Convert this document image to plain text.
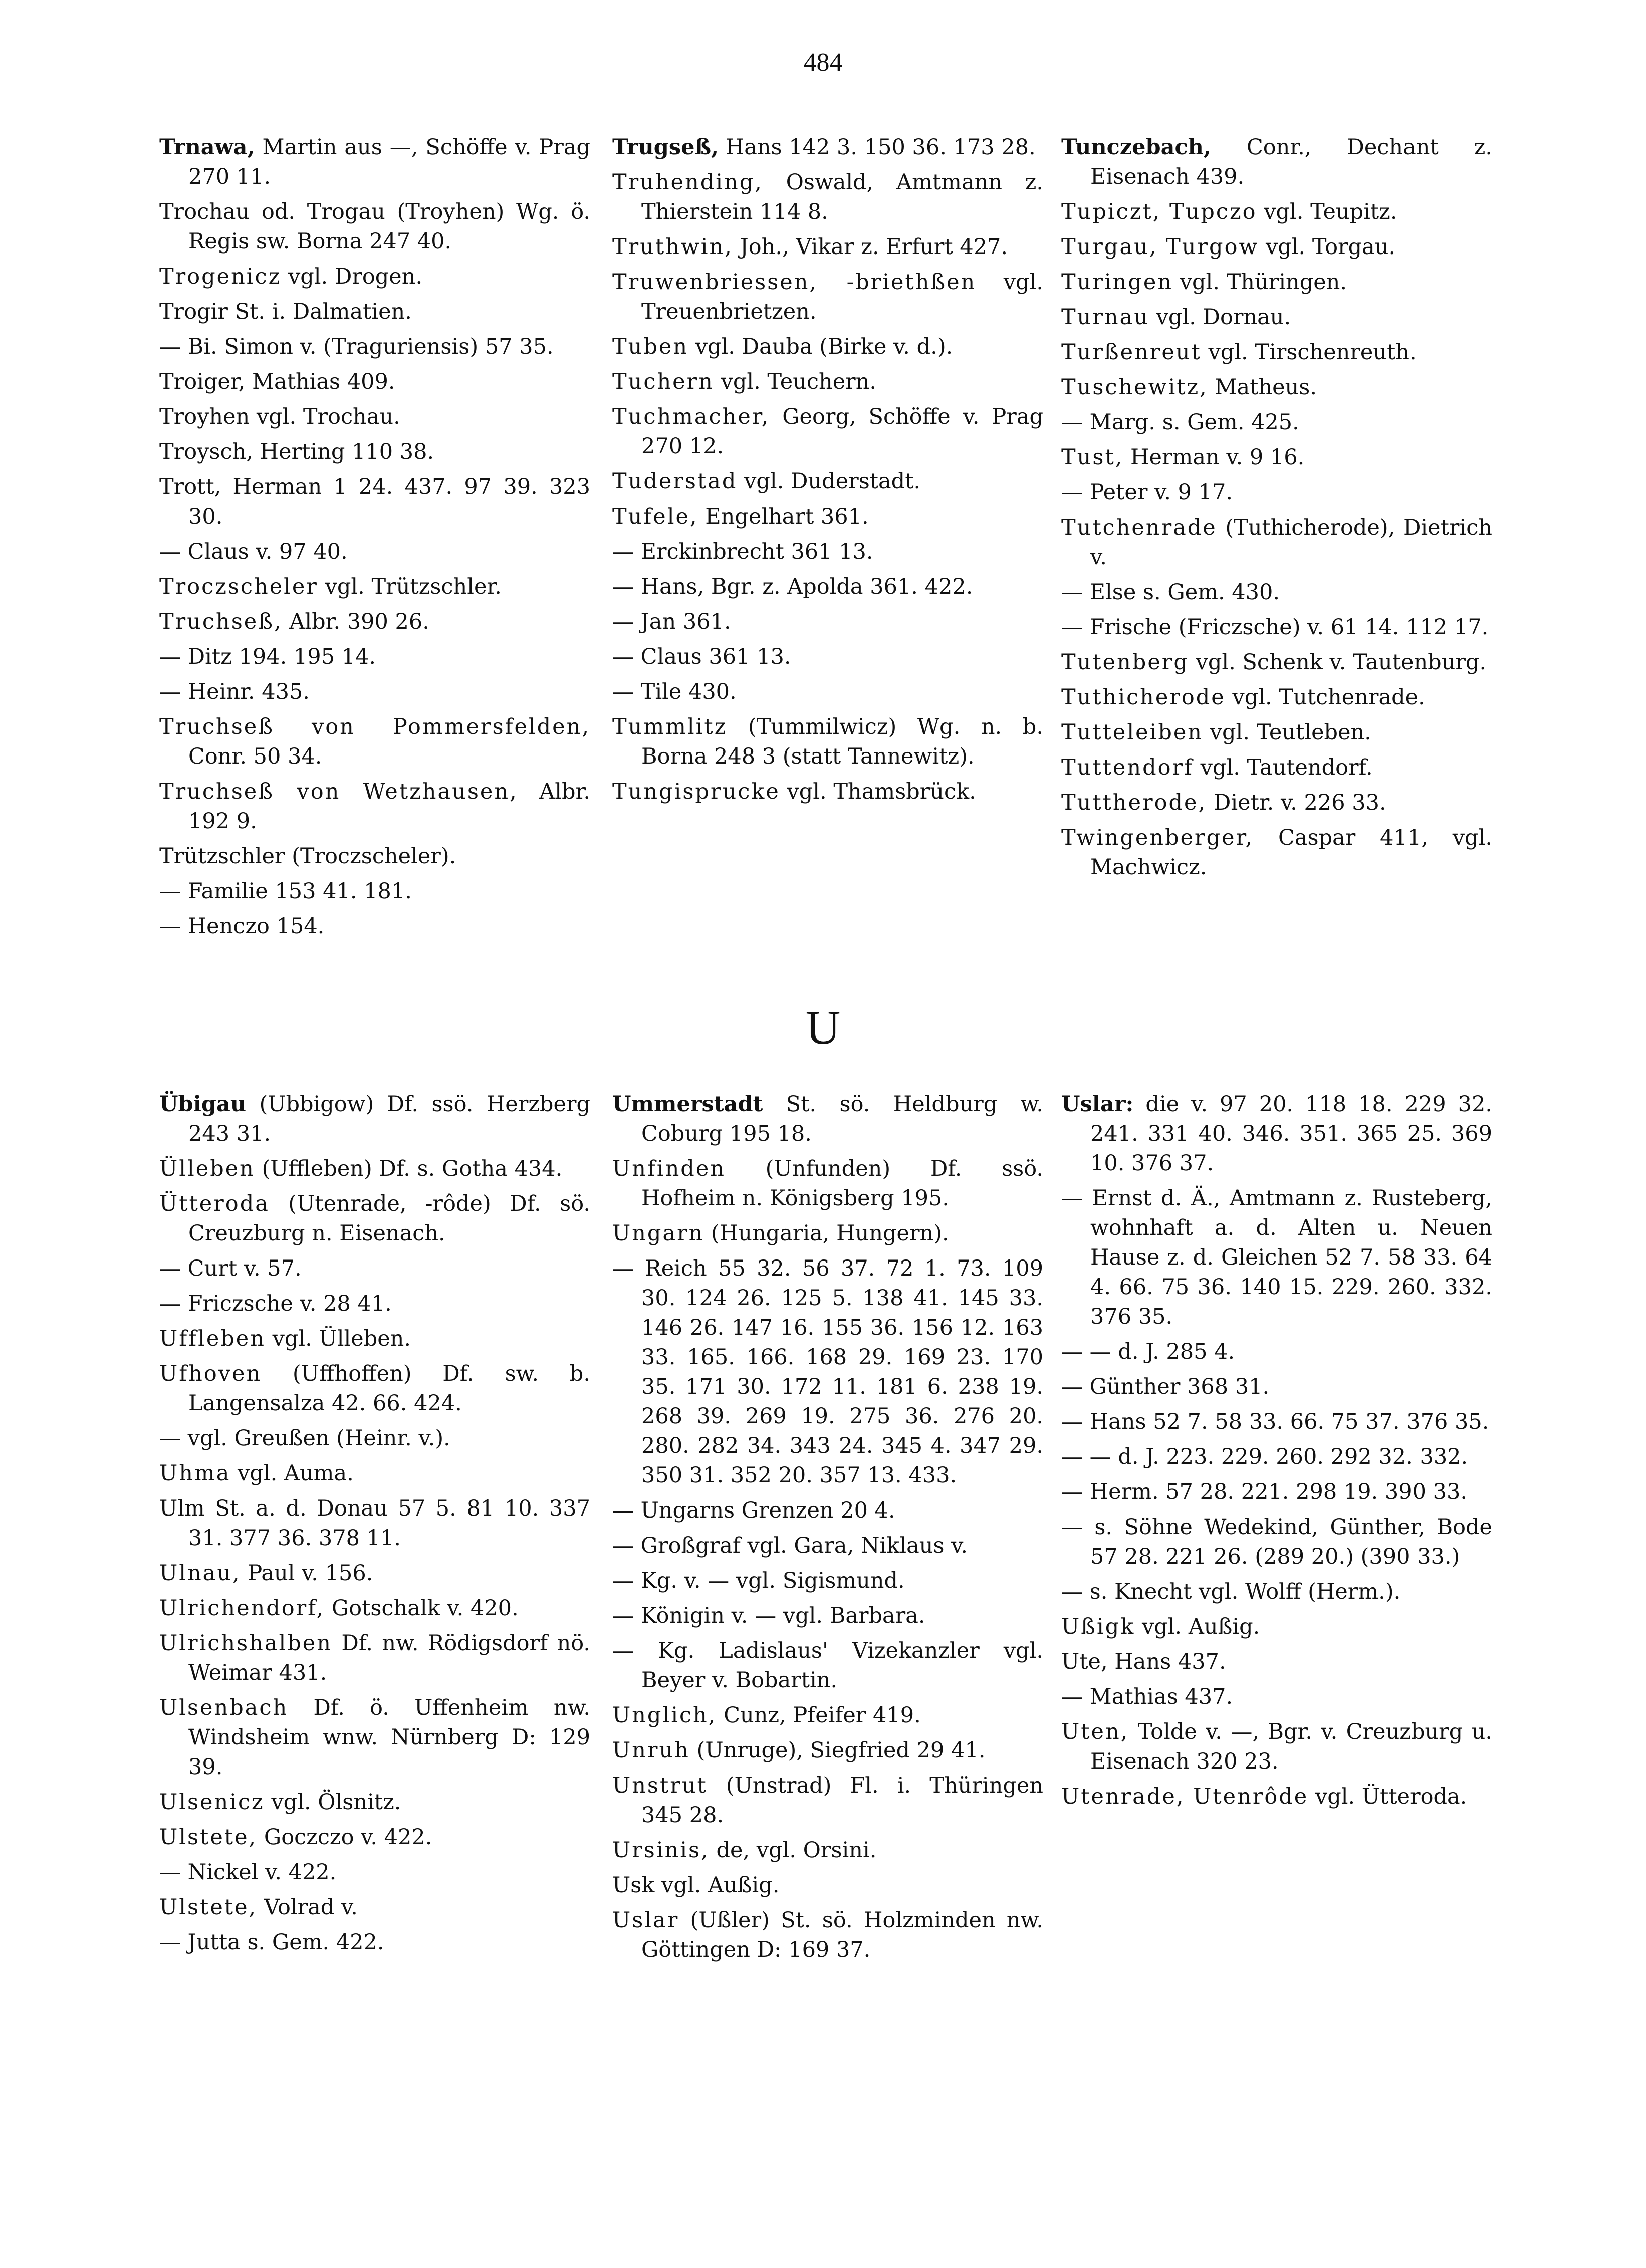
484
Trnawa, Martin aus —, Schöffe v. Prag 270 11.
Trochau od. Trogau (Troyhen) Wg. ö. Regis sw. Borna 247 40.
Trogenicz vgl. Drogen.
Trogir St. i. Dalmatien.
— Bi. Simon v. (Traguriensis) 57 35.
Troiger, Mathias 409.
Troyhen vgl. Trochau.
Troysch, Herting 110 38.
Trott, Herman 1 24. 437. 97 39. 323 30.
— Claus v. 97 40.
Troczscheler vgl. Trützschler.
Truchseß, Albr. 390 26.
— Ditz 194. 195 14.
— Heinr. 435.
Truchseß von Pommersfelden, Conr. 50 34.
Truchseß von Wetzhausen, Albr. 192 9.
Trützschler (Troczscheler).
— Familie 153 41. 181.
— Henczo 154.
Trugseß, Hans 142 3. 150 36. 173 28.
Truhending, Oswald, Amtmann z. Thierstein 114 8.
Truthwin, Joh., Vikar z. Erfurt 427.
Truwenbriessen, -briethßen vgl. Treuenbrietzen.
Tuben vgl. Dauba (Birke v. d.).
Tuchern vgl. Teuchern.
Tuchmacher, Georg, Schöffe v. Prag 270 12.
Tuderstad vgl. Duderstadt.
Tufele, Engelhart 361.
— Erckinbrecht 361 13.
— Hans, Bgr. z. Apolda 361. 422.
— Jan 361.
— Claus 361 13.
— Tile 430.
Tummlitz (Tummilwicz) Wg. n. b. Borna 248 3 (statt Tannewitz).
Tungisprucke vgl. Thamsbrück.
Tunczebach, Conr., Dechant z. Eisenach 439.
Tupiczt, Tupczo vgl. Teupitz.
Turgau, Turgow vgl. Torgau.
Turingen vgl. Thüringen.
Turnau vgl. Dornau.
Turßenreut vgl. Tirschenreuth.
Tuschewitz, Matheus.
— Marg. s. Gem. 425.
Tust, Herman v. 9 16.
— Peter v. 9 17.
Tutchenrade (Tuthicherode), Dietrich v.
— Else s. Gem. 430.
— Frische (Friczsche) v. 61 14. 112 17.
Tutenberg vgl. Schenk v. Tautenburg.
Tuthicherode vgl. Tutchenrade.
Tutteleiben vgl. Teutleben.
Tuttendorf vgl. Tautendorf.
Tuttherode, Dietr. v. 226 33.
Twingenberger, Caspar 411, vgl. Machwicz.
U
Übigau (Ubbigow) Df. ssö. Herzberg 243 31.
Ülleben (Uffleben) Df. s. Gotha 434.
Ütteroda (Utenrade, -rôde) Df. sö. Creuzburg n. Eisenach.
— Curt v. 57.
— Friczsche v. 28 41.
Uffleben vgl. Ülleben.
Ufhoven (Uffhoffen) Df. sw. b. Langensalza 42. 66. 424.
— vgl. Greußen (Heinr. v.).
Uhma vgl. Auma.
Ulm St. a. d. Donau 57 5. 81 10. 337 31. 377 36. 378 11.
Ulnau, Paul v. 156.
Ulrichendorf, Gotschalk v. 420.
Ulrichshalben Df. nw. Rödigsdorf nö. Weimar 431.
Ulsenbach Df. ö. Uffenheim nw. Windsheim wnw. Nürnberg D: 129 39.
Ulsenicz vgl. Ölsnitz.
Ulstete, Goczczo v. 422.
— Nickel v. 422.
Ulstete, Volrad v.
— Jutta s. Gem. 422.
Ummerstadt St. sö. Heldburg w. Coburg 195 18.
Unfinden (Unfunden) Df. ssö. Hofheim n. Königsberg 195.
Ungarn (Hungaria, Hungern).
— Reich 55 32. 56 37. 72 1. 73. 109 30. 124 26. 125 5. 138 41. 145 33. 146 26. 147 16. 155 36. 156 12. 163 33. 165. 166. 168 29. 169 23. 170 35. 171 30. 172 11. 181 6. 238 19. 268 39. 269 19. 275 36. 276 20. 280. 282 34. 343 24. 345 4. 347 29. 350 31. 352 20. 357 13. 433.
— Ungarns Grenzen 20 4.
— Großgraf vgl. Gara, Niklaus v.
— Kg. v. — vgl. Sigismund.
— Königin v. — vgl. Barbara.
— Kg. Ladislaus' Vizekanzler vgl. Beyer v. Bobartin.
Unglich, Cunz, Pfeifer 419.
Unruh (Unruge), Siegfried 29 41.
Unstrut (Unstrad) Fl. i. Thüringen 345 28.
Ursinis, de, vgl. Orsini.
Usk vgl. Außig.
Uslar (Ußler) St. sö. Holzminden nw. Göttingen D: 169 37.
Uslar: die v. 97 20. 118 18. 229 32. 241. 331 40. 346. 351. 365 25. 369 10. 376 37.
— Ernst d. Ä., Amtmann z. Rusteberg, wohnhaft a. d. Alten u. Neuen Hause z. d. Gleichen 52 7. 58 33. 64 4. 66. 75 36. 140 15. 229. 260. 332. 376 35.
— — d. J. 285 4.
— Günther 368 31.
— Hans 52 7. 58 33. 66. 75 37. 376 35.
— — d. J. 223. 229. 260. 292 32. 332.
— Herm. 57 28. 221. 298 19. 390 33.
— s. Söhne Wedekind, Günther, Bode 57 28. 221 26. (289 20.) (390 33.)
— s. Knecht vgl. Wolff (Herm.).
Ußigk vgl. Außig.
Ute, Hans 437.
— Mathias 437.
Uten, Tolde v. —, Bgr. v. Creuzburg u. Eisenach 320 23.
Utenrade, Utenrôde vgl. Ütteroda.
